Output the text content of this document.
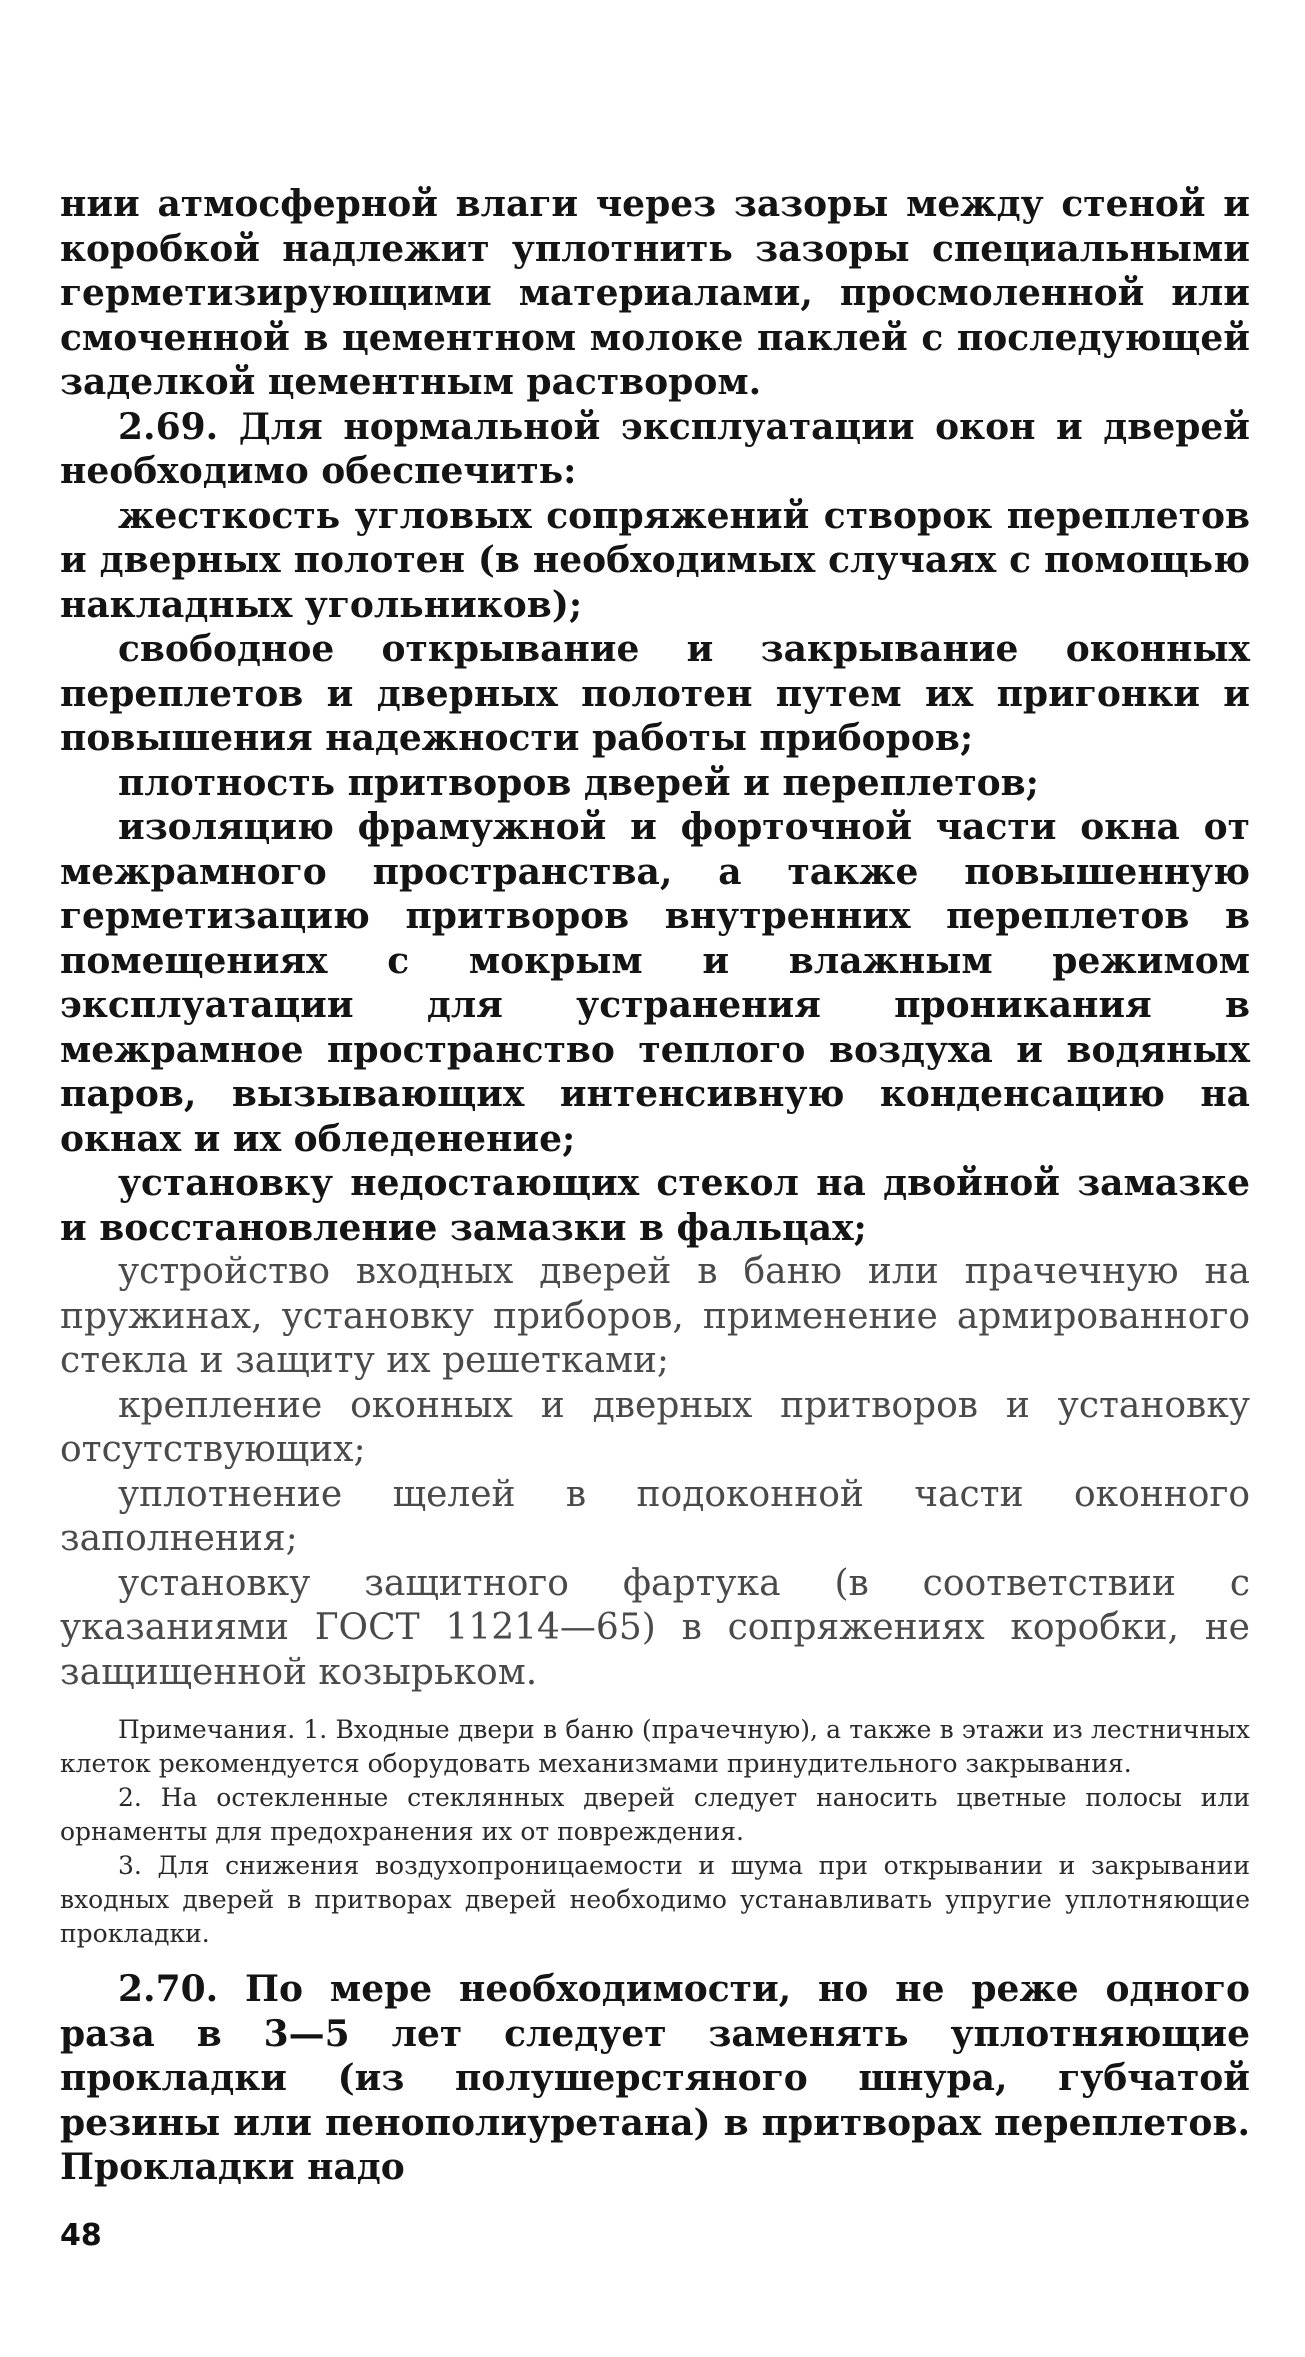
нии атмосферной влаги через зазоры между стеной и коробкой надлежит уплотнить зазоры специальными герметизирующими материалами, просмоленной или смоченной в цементном молоке паклей с последующей заделкой цементным раствором.

2.69. Для нормальной эксплуатации окон и дверей необходимо обеспечить:

жесткость угловых сопряжений створок переплетов и дверных полотен (в необходимых случаях с помощью накладных угольников);

свободное открывание и закрывание оконных переплетов и дверных полотен путем их пригонки и повышения надежности работы приборов;

плотность притворов дверей и переплетов;

изоляцию фрамужной и форточной части окна от межрамного пространства, а также повышенную герметизацию притворов внутренних переплетов в помещениях с мокрым и влажным режимом эксплуатации для устранения проникания в межрамное пространство теплого воздуха и водяных паров, вызывающих интенсивную конденсацию на окнах и их обледенение;

установку недостающих стекол на двойной замазке и восстановление замазки в фальцах;

устройство входных дверей в баню или прачечную на пружинах, установку приборов, применение армированного стекла и защиту их решетками;

крепление оконных и дверных притворов и установку отсутствующих;

уплотнение щелей в подоконной части оконного заполнения;

установку защитного фартука (в соответствии с указаниями ГОСТ 11214—65) в сопряжениях коробки, не защищенной козырьком.

Примечания. 1. Входные двери в баню (прачечную), а также в этажи из лестничных клеток рекомендуется оборудовать механизмами принудительного закрывания.

2. На остекленные стеклянных дверей следует наносить цветные полосы или орнаменты для предохранения их от повреждения.

3. Для снижения воздухопроницаемости и шума при открывании и закрывании входных дверей в притворах дверей необходимо устанавливать упругие уплотняющие прокладки.

2.70. По мере необходимости, но не реже одного раза в 3—5 лет следует заменять уплотняющие прокладки (из полушерстяного шнура, губчатой резины или пенополиуретана) в притворах переплетов. Прокладки надо

48
